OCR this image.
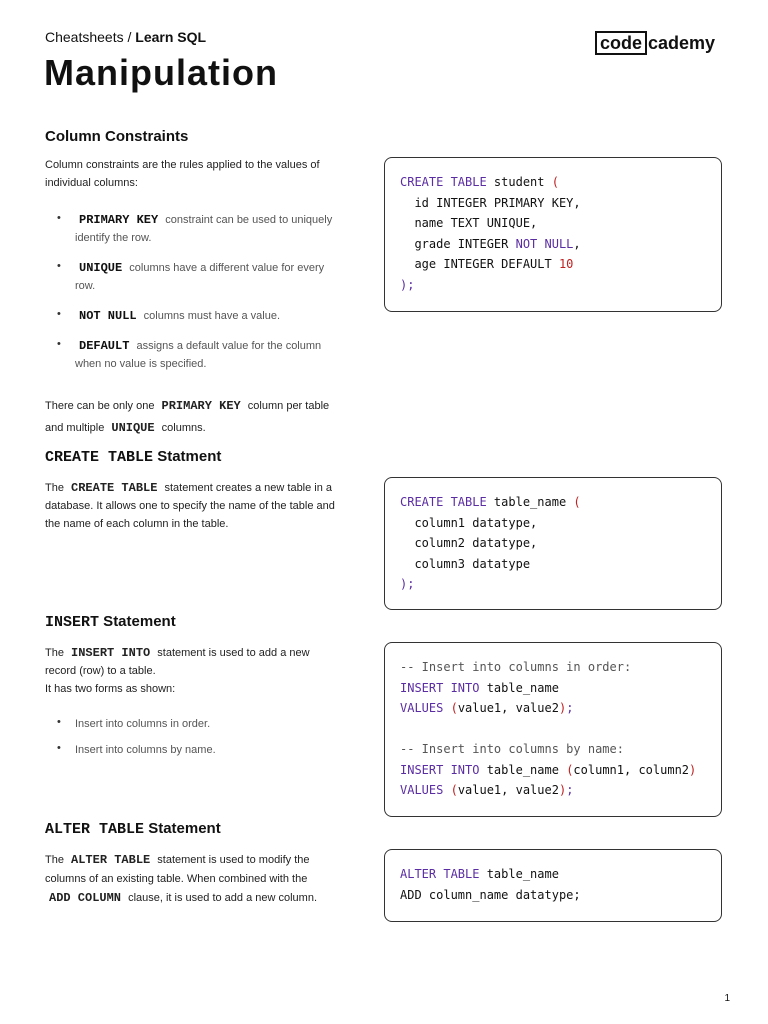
Cheatsheets / Learn SQL	code cademy
Manipulation
Column Constraints
Column constraints are the rules applied to the values of individual columns:
• PRIMARY KEY constraint can be used to uniquely identify the row.
• UNIQUE columns have a different value for every row.
• NOT NULL columns must have a value.
• DEFAULT assigns a default value for the column when no value is specified.
There can be only one PRIMARY KEY column per table and multiple UNIQUE columns.
CREATE TABLE student (
id INTEGER PRIMARY KEY,
name TEXT UNIQUE,
grade INTEGER NOT NULL,
age INTEGER DEFAULT 10
);
CREATE TABLE Statment
The CREATE TABLE statement creates a new table in a database. It allows one to specify the name of the table and the name of each column in the table.
CREATE TABLE table_name (
column1 datatype,
column2 datatype,
column3 datatype
);
INSERT Statement
The INSERT INTO statement is used to add a new record (row) to a table.
It has two forms as shown:
• Insert into columns in order.
• Insert into columns by name.
-- Insert into columns in order:
INSERT INTO table_name
VALUES (value1, value2);

-- Insert into columns by name:
INSERT INTO table_name (column1, column2)
VALUES (value1, value2);
ALTER TABLE Statement
The ALTER TABLE statement is used to modify the columns of an existing table. When combined with the ADD COLUMN clause, it is used to add a new column.
ALTER TABLE table_name
ADD column_name datatype;
1
